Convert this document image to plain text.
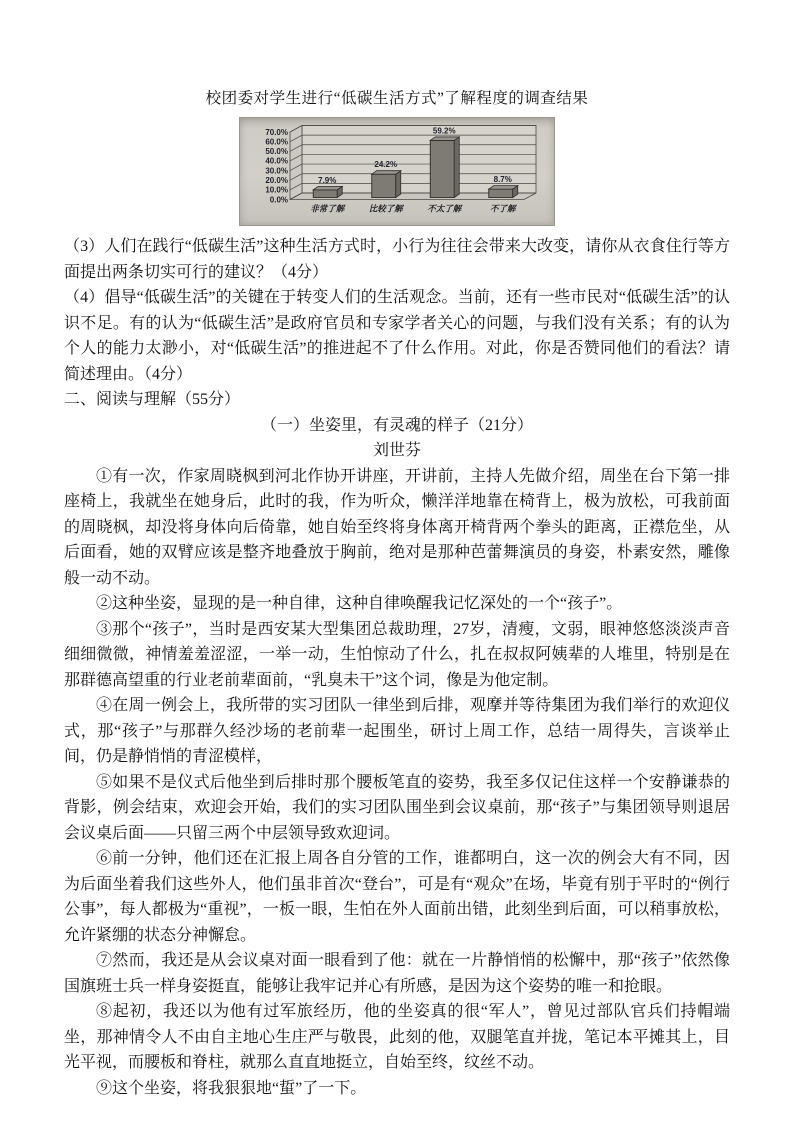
校团委对学生进行“低碳生活方式”了解程度的调查结果

70.0%
60.0%
50.0%
40.0%
30.0%
20.0%
10.0%
0.0%
7.9%
非常了解
24.2%
比较了解
59.2%
不太了解
8.7%
不了解

（3）人们在践行“低碳生活”这种生活方式时，小行为往往会带来大改变，请你从衣食住行等方面提出两条切实可行的建议？（4分）

（4）倡导“低碳生活”的关键在于转变人们的生活观念。当前，还有一些市民对“低碳生活”的认识不足。有的认为“低碳生活”是政府官员和专家学者关心的问题，与我们没有关系；有的认为个人的能力太渺小，对“低碳生活”的推进起不了什么作用。对此，你是否赞同他们的看法？请简述理由。（4分）

二、阅读与理解（55分）

（一）坐姿里，有灵魂的样子（21分）

刘世芬

①有一次，作家周晓枫到河北作协开讲座，开讲前，主持人先做介绍，周坐在台下第一排座椅上，我就坐在她身后，此时的我，作为听众，懒洋洋地靠在椅背上，极为放松，可我前面的周晓枫，却没将身体向后倚靠，她自始至终将身体离开椅背两个拳头的距离，正襟危坐，从后面看，她的双臂应该是整齐地叠放于胸前，绝对是那种芭蕾舞演员的身姿，朴素安然，雕像般一动不动。

②这种坐姿，显现的是一种自律，这种自律唤醒我记忆深处的一个“孩子”。

③那个“孩子”，当时是西安某大型集团总裁助理，27岁，清瘦，文弱，眼神悠悠淡淡声音细细微微，神情羞羞涩涩，一举一动，生怕惊动了什么，扎在叔叔阿姨辈的人堆里，特别是在那群德高望重的行业老前辈面前，“乳臭未干”这个词，像是为他定制。

④在周一例会上，我所带的实习团队一律坐到后排，观摩并等待集团为我们举行的欢迎仪式，那“孩子”与那群久经沙场的老前辈一起围坐，研讨上周工作，总结一周得失，言谈举止间，仍是静悄悄的青涩模样，

⑤如果不是仪式后他坐到后排时那个腰板笔直的姿势，我至多仅记住这样一个安静谦恭的背影，例会结束，欢迎会开始，我们的实习团队围坐到会议桌前，那“孩子”与集团领导则退居会议桌后面——只留三两个中层领导致欢迎词。

⑥前一分钟，他们还在汇报上周各自分管的工作，谁都明白，这一次的例会大有不同，因为后面坐着我们这些外人，他们虽非首次“登台”，可是有“观众”在场，毕竟有别于平时的“例行公事”，每人都极为“重视”，一板一眼，生怕在外人面前出错，此刻坐到后面，可以稍事放松，允许紧绷的状态分神懈怠。

⑦然而，我还是从会议桌对面一眼看到了他：就在一片静悄悄的松懈中，那“孩子”依然像国旗班士兵一样身姿挺直，能够让我牢记并心有所感，是因为这个姿势的唯一和抢眼。

⑧起初，我还以为他有过军旅经历，他的坐姿真的很“军人”，曾见过部队官兵们持帽端坐，那神情令人不由自主地心生庄严与敬畏，此刻的他，双腿笔直并拢，笔记本平摊其上，目光平视，而腰板和脊柱，就那么直直地挺立，自始至终，纹丝不动。

⑨这个坐姿，将我狠狠地“蜇”了一下。
